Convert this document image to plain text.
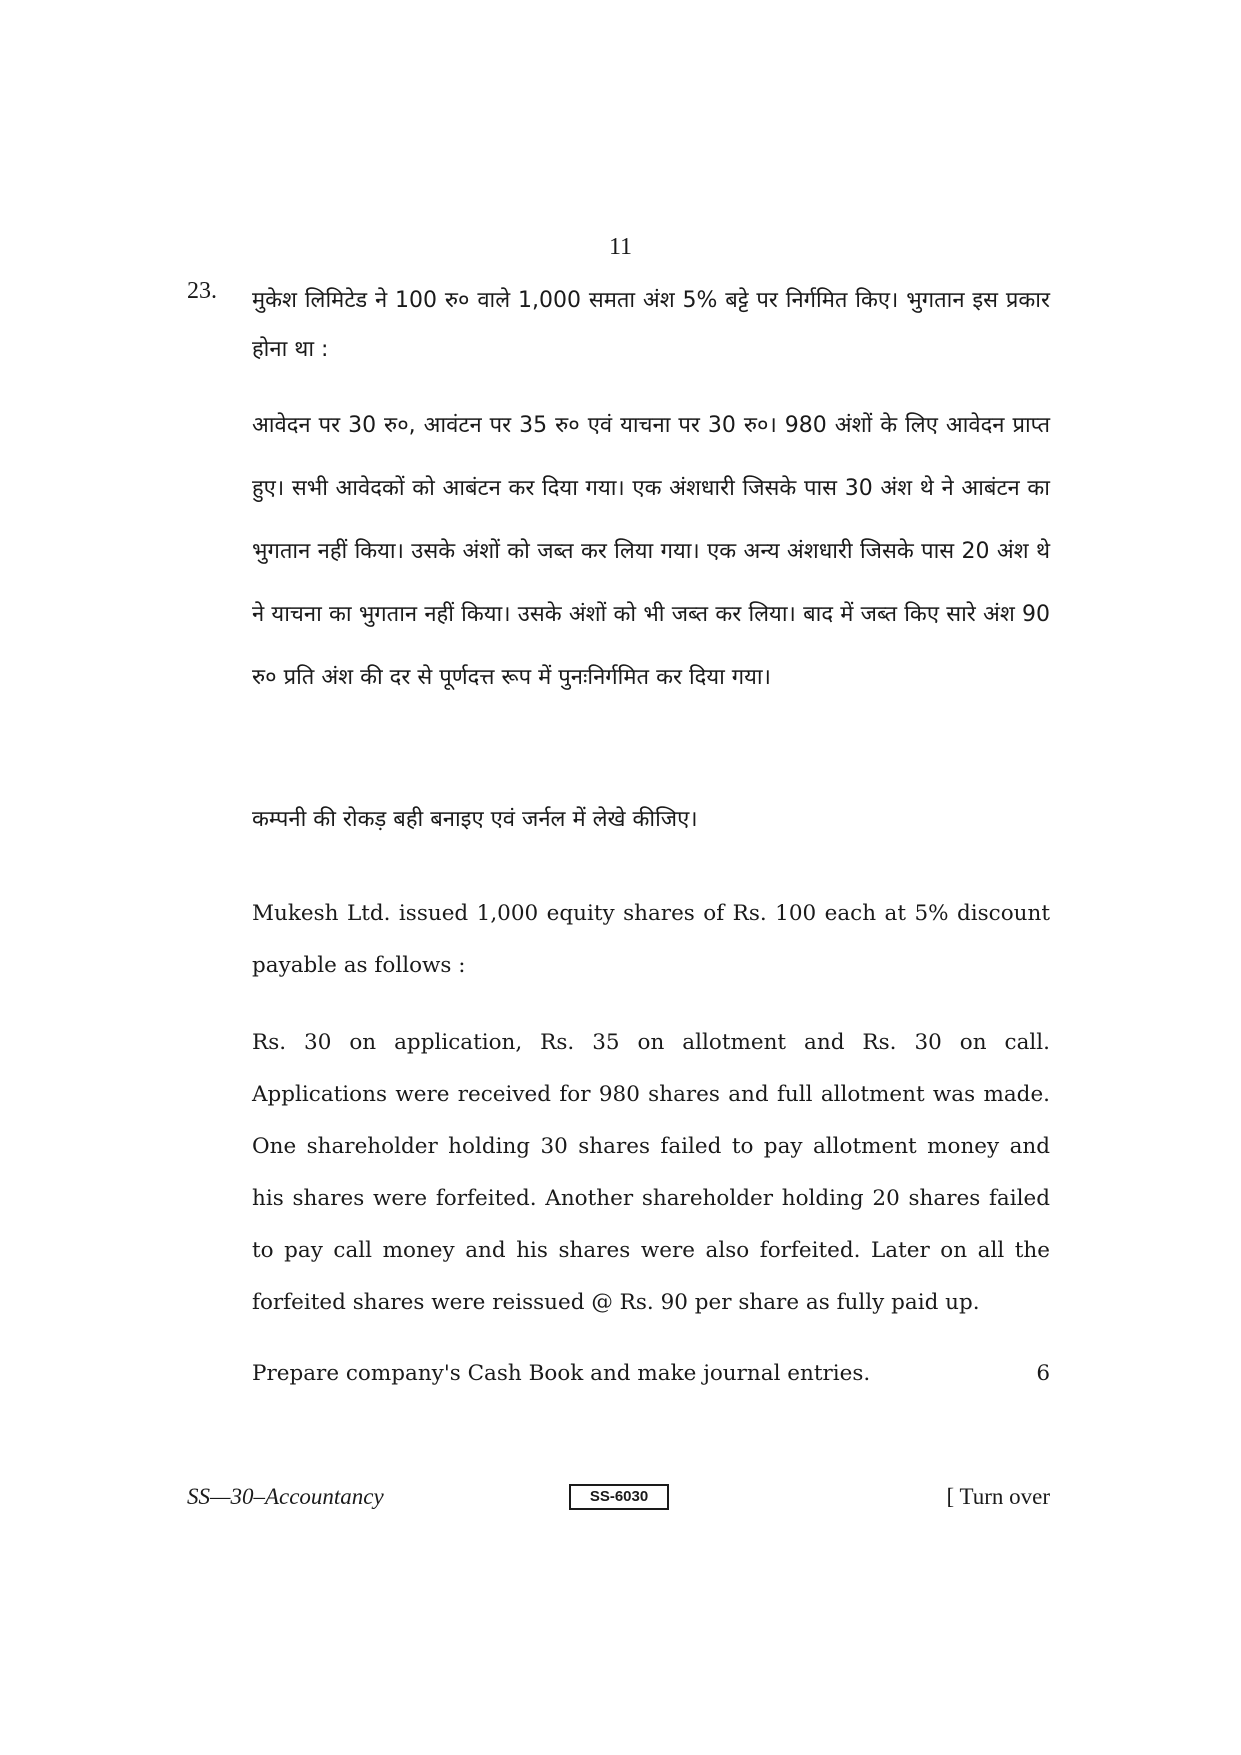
11
23. मुकेश लिमिटेड ने 100 रु० वाले 1,000 समता अंश 5% बट्टे पर निर्गमित किए। भुगतान इस प्रकार होना था :

आवेदन पर 30 रु०, आवंटन पर 35 रु० एवं याचना पर 30 रु०। 980 अंशों के लिए आवेदन प्राप्त हुए। सभी आवेदकों को आबंटन कर दिया गया। एक अंशधारी जिसके पास 30 अंश थे ने आबंटन का भुगतान नहीं किया। उसके अंशों को जब्त कर लिया गया। एक अन्य अंशधारी जिसके पास 20 अंश थे ने याचना का भुगतान नहीं किया। उसके अंशों को भी जब्त कर लिया। बाद में जब्त किए सारे अंश 90 रु० प्रति अंश की दर से पूर्णदत्त रूप में पुनःनिर्गमित कर दिया गया।

कम्पनी की रोकड़ बही बनाइए एवं जर्नल में लेखे कीजिए।

Mukesh Ltd. issued 1,000 equity shares of Rs. 100 each at 5% discount payable as follows :

Rs. 30 on application, Rs. 35 on allotment and Rs. 30 on call. Applications were received for 980 shares and full allotment was made. One shareholder holding 30 shares failed to pay allotment money and his shares were forfeited. Another shareholder holding 20 shares failed to pay call money and his shares were also forfeited. Later on all the forfeited shares were reissued @ Rs. 90 per share as fully paid up.

Prepare company's Cash Book and make journal entries.	6
SS—30–Accountancy	SS-6030	[ Turn over
